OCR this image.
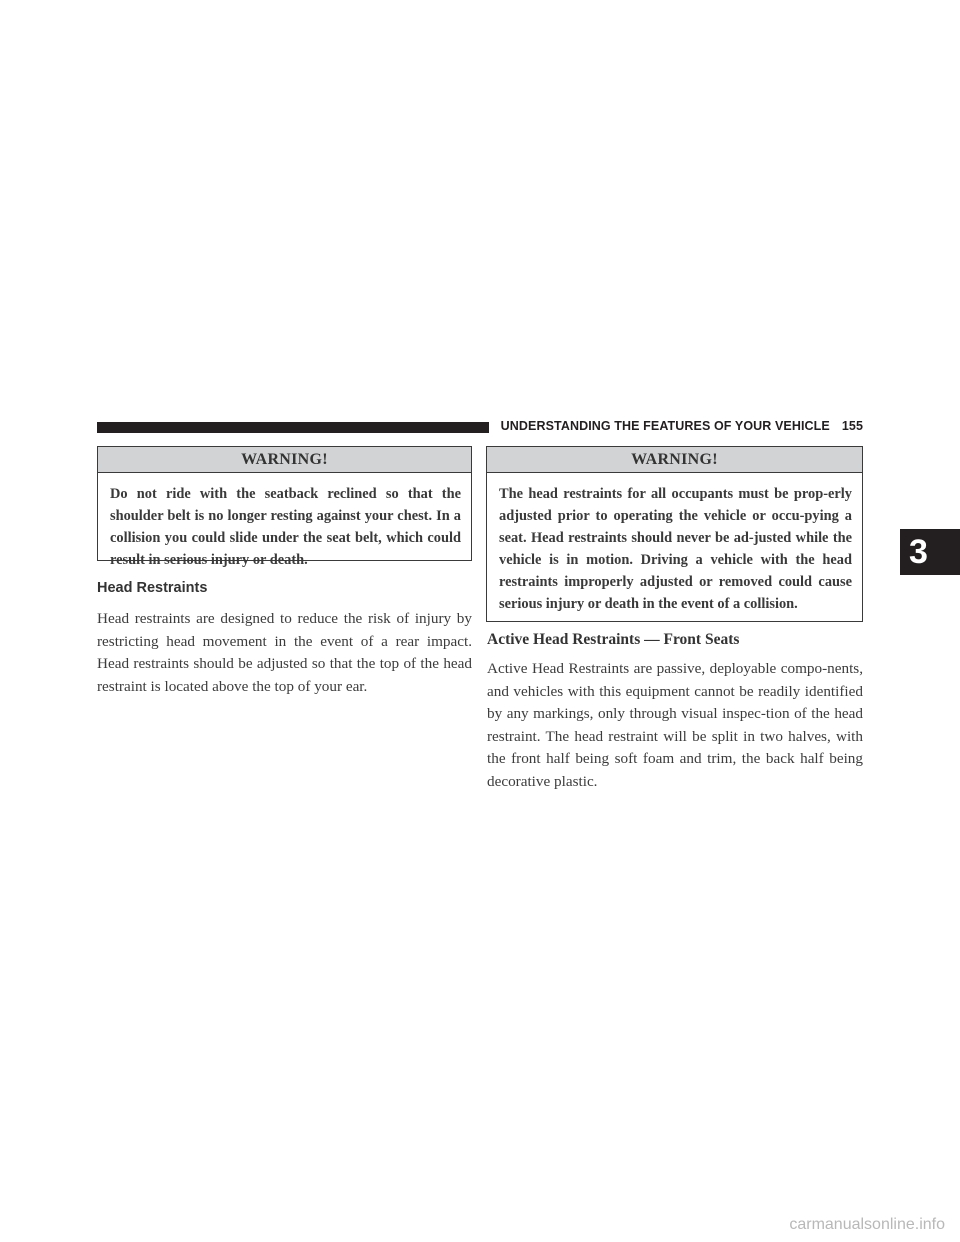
UNDERSTANDING THE FEATURES OF YOUR VEHICLE 155
WARNING!
Do not ride with the seatback reclined so that the shoulder belt is no longer resting against your chest. In a collision you could slide under the seat belt, which could result in serious injury or death.
Head Restraints
Head restraints are designed to reduce the risk of injury by restricting head movement in the event of a rear impact. Head restraints should be adjusted so that the top of the head restraint is located above the top of your ear.
WARNING!
The head restraints for all occupants must be prop-erly adjusted prior to operating the vehicle or occu-pying a seat. Head restraints should never be ad-justed while the vehicle is in motion. Driving a vehicle with the head restraints improperly adjusted or removed could cause serious injury or death in the event of a collision.
Active Head Restraints — Front Seats
Active Head Restraints are passive, deployable compo-nents, and vehicles with this equipment cannot be readily identified by any markings, only through visual inspec-tion of the head restraint. The head restraint will be split in two halves, with the front half being soft foam and trim, the back half being decorative plastic.
3
carmanualsonline.info
